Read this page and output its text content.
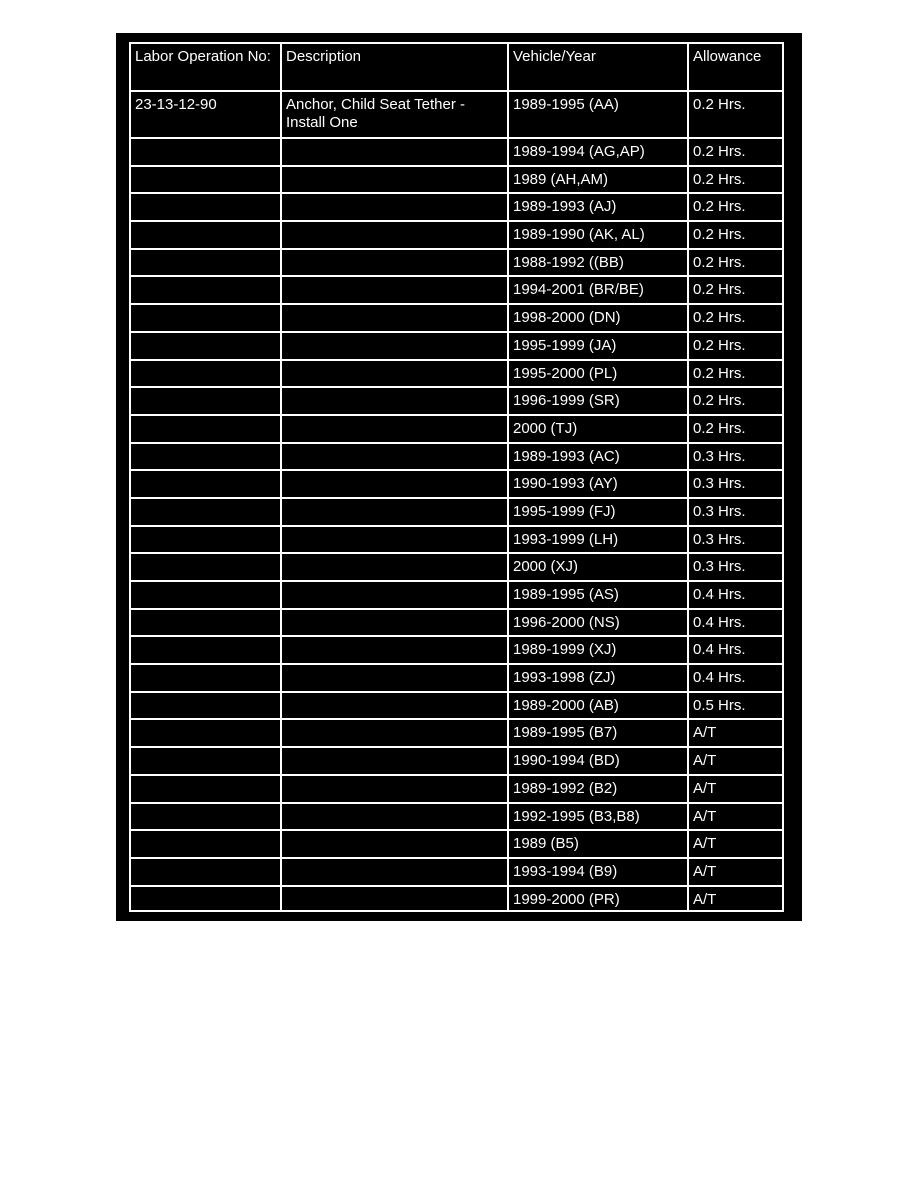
Labor Operation No:	Description	Vehicle/Year	Allowance
23-13-12-90	Anchor, Child Seat Tether - Install One	1989-1995 (AA)	0.2 Hrs.
		1989-1994 (AG,AP)	0.2 Hrs.
		1989 (AH,AM)	0.2 Hrs.
		1989-1993 (AJ)	0.2 Hrs.
		1989-1990 (AK, AL)	0.2 Hrs.
		1988-1992 ((BB)	0.2 Hrs.
		1994-2001 (BR/BE)	0.2 Hrs.
		1998-2000 (DN)	0.2 Hrs.
		1995-1999 (JA)	0.2 Hrs.
		1995-2000 (PL)	0.2 Hrs.
		1996-1999 (SR)	0.2 Hrs.
		2000 (TJ)	0.2 Hrs.
		1989-1993 (AC)	0.3 Hrs.
		1990-1993 (AY)	0.3 Hrs.
		1995-1999 (FJ)	0.3 Hrs.
		1993-1999 (LH)	0.3 Hrs.
		2000 (XJ)	0.3 Hrs.
		1989-1995 (AS)	0.4 Hrs.
		1996-2000 (NS)	0.4 Hrs.
		1989-1999 (XJ)	0.4 Hrs.
		1993-1998 (ZJ)	0.4 Hrs.
		1989-2000 (AB)	0.5 Hrs.
		1989-1995 (B7)	A/T
		1990-1994 (BD)	A/T
		1989-1992 (B2)	A/T
		1992-1995 (B3,B8)	A/T
		1989 (B5)	A/T
		1993-1994 (B9)	A/T
		1999-2000 (PR)	A/T
